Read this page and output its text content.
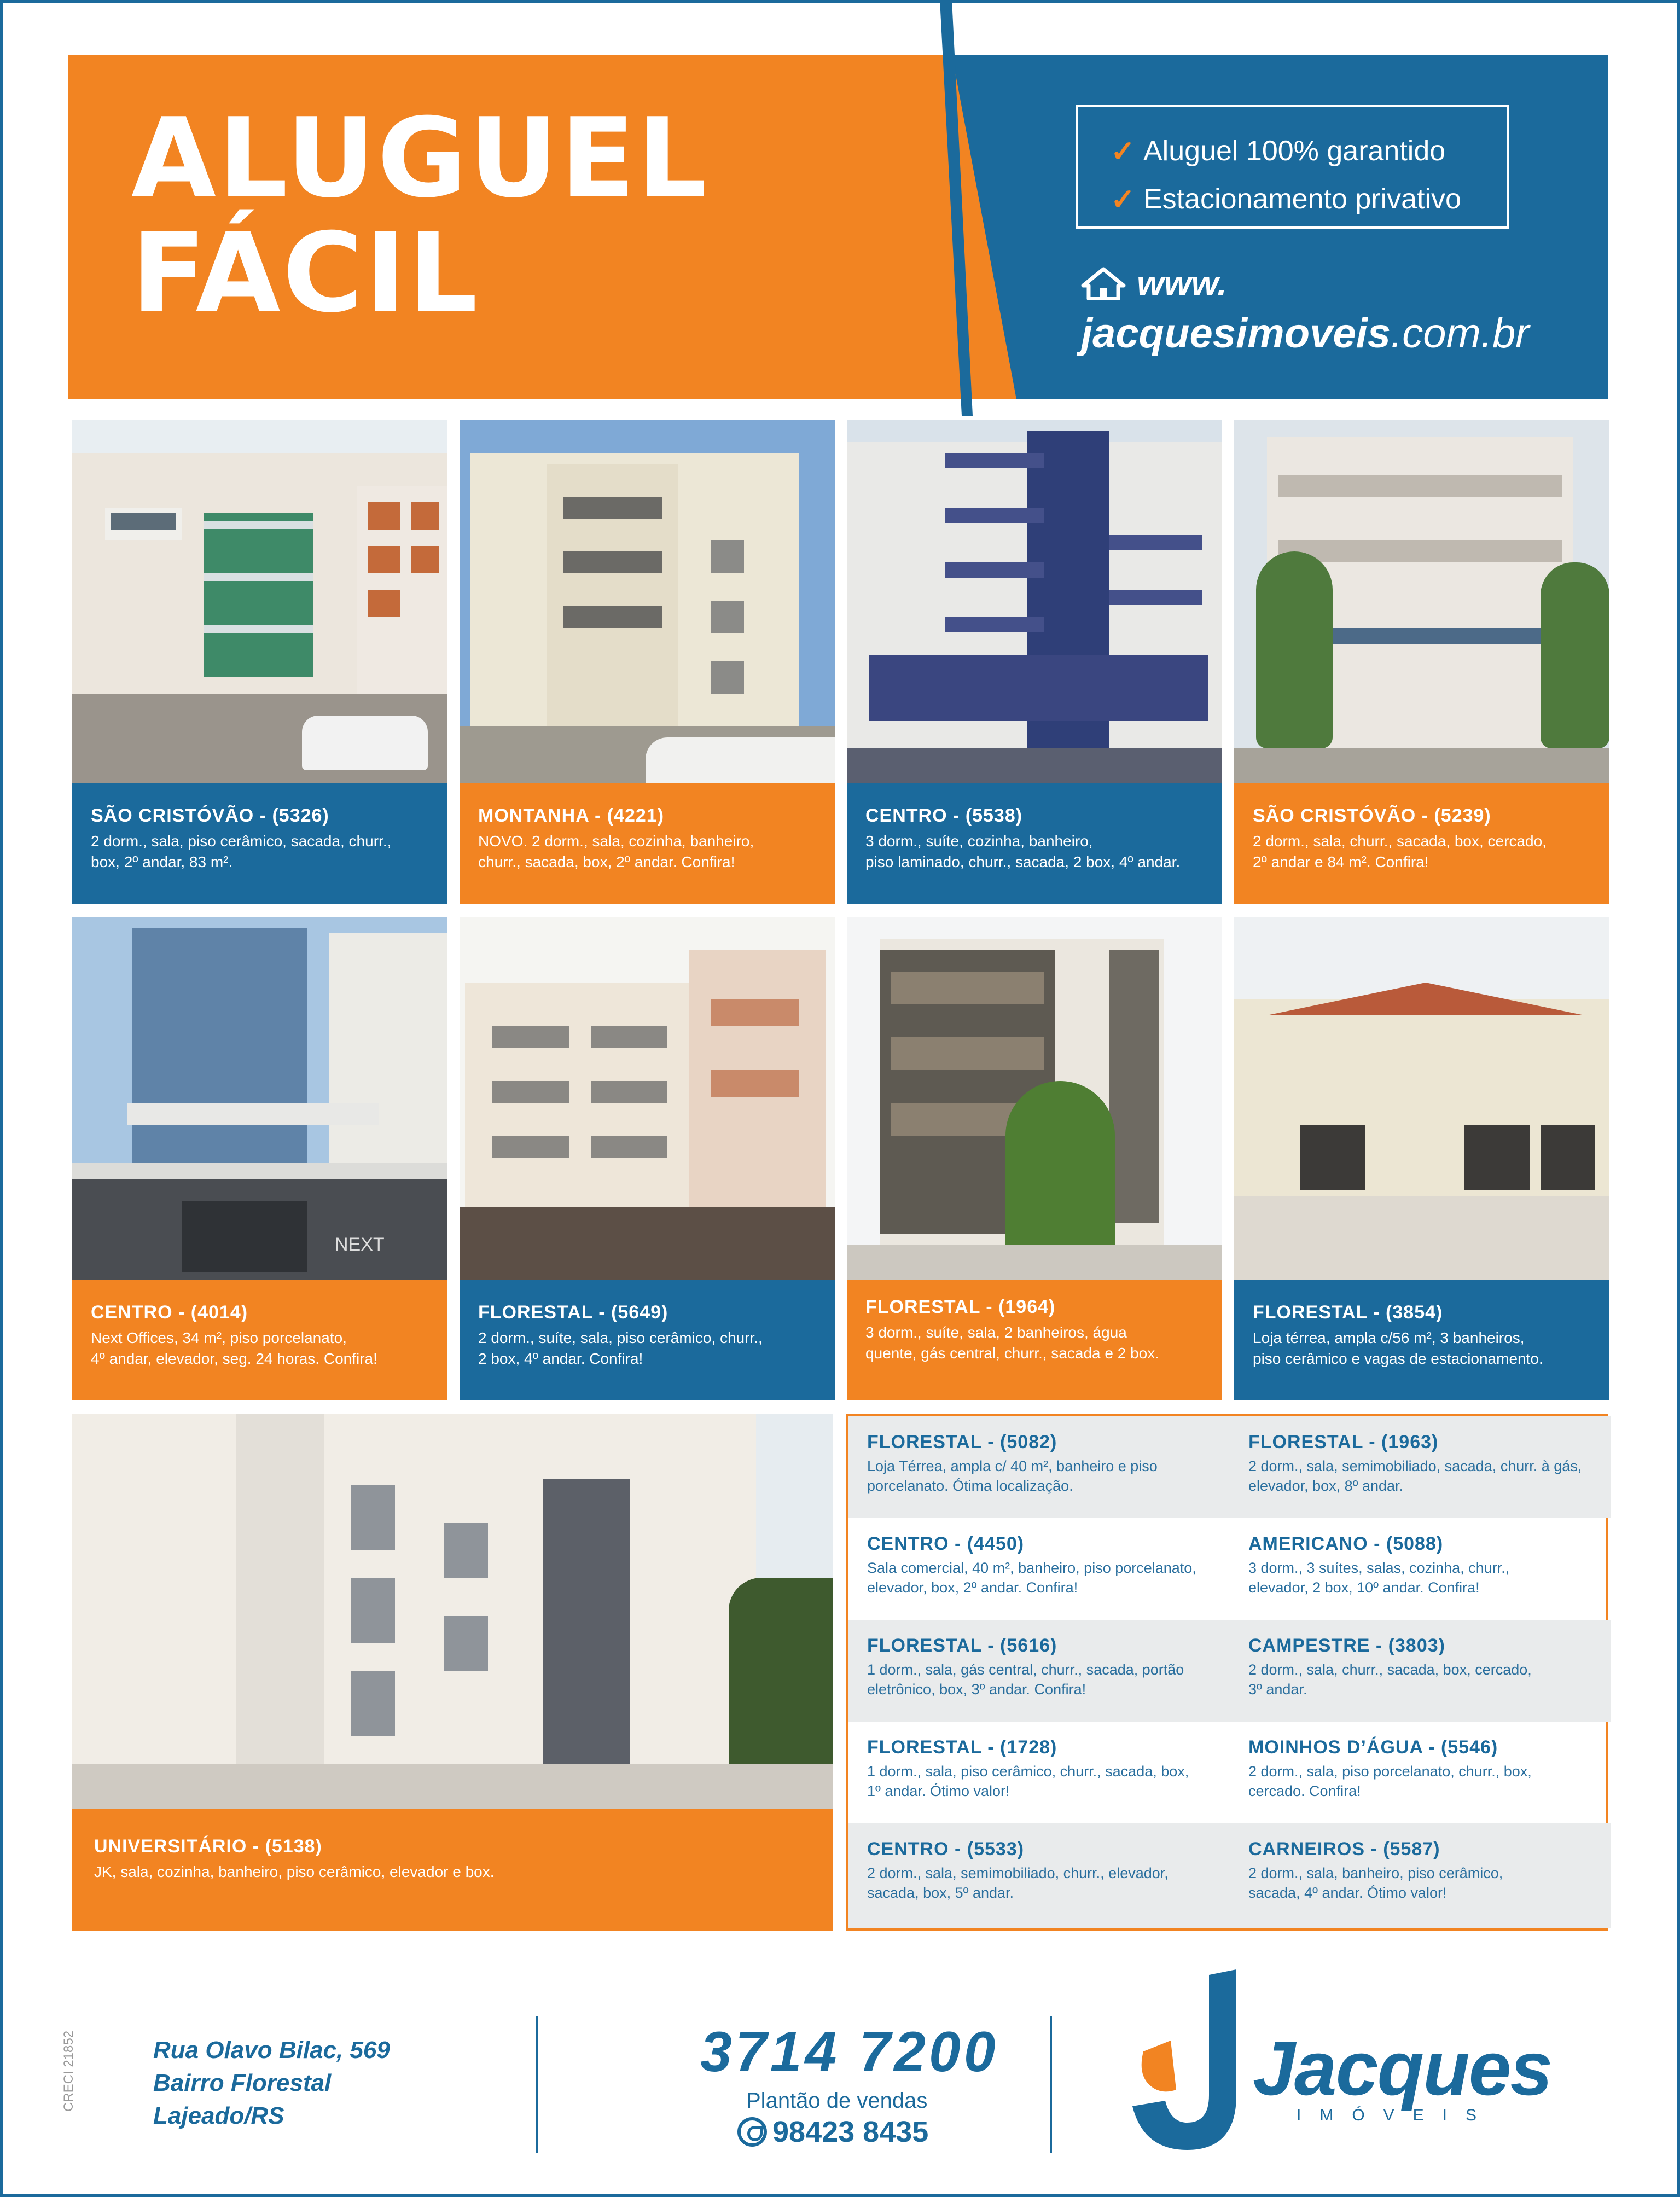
ALUGUEL
FÁCIL
✓ Aluguel 100% garantido
✓ Estacionamento privativo
www.
jacquesimoveis.com.br
SÃO CRISTÓVÃO - (5326)
2 dorm., sala, piso cerâmico, sacada, churr.,
box, 2º andar, 83 m².
MONTANHA - (4221)
NOVO. 2 dorm., sala, cozinha, banheiro,
churr., sacada, box, 2º andar. Confira!
CENTRO - (5538)
3 dorm., suíte, cozinha, banheiro,
piso laminado, churr., sacada, 2 box, 4º andar.
SÃO CRISTÓVÃO - (5239)
2 dorm., sala, churr., sacada, box, cercado,
2º andar e 84 m². Confira!
NEXT
CENTRO - (4014)
Next Offices, 34 m², piso porcelanato,
4º andar, elevador, seg. 24 horas. Confira!
FLORESTAL - (5649)
2 dorm., suíte, sala, piso cerâmico, churr.,
2 box, 4º andar. Confira!
FLORESTAL - (1964)
3 dorm., suíte, sala, 2 banheiros, água
quente, gás central, churr., sacada e 2 box.
FLORESTAL - (3854)
Loja térrea, ampla c/56 m², 3 banheiros,
piso cerâmico e vagas de estacionamento.
UNIVERSITÁRIO - (5138)
JK, sala, cozinha, banheiro, piso cerâmico, elevador e box.
FLORESTAL - (5082)
Loja Térrea, ampla c/ 40 m², banheiro e piso
porcelanato. Ótima localização.
FLORESTAL - (1963)
2 dorm., sala, semimobiliado, sacada, churr. à gás,
elevador, box, 8º andar.
CENTRO - (4450)
Sala comercial, 40 m², banheiro, piso porcelanato,
elevador, box, 2º andar. Confira!
AMERICANO - (5088)
3 dorm., 3 suítes, salas, cozinha, churr.,
elevador, 2 box, 10º andar. Confira!
FLORESTAL - (5616)
1 dorm., sala, gás central, churr., sacada, portão
eletrônico, box, 3º andar. Confira!
CAMPESTRE - (3803)
2 dorm., sala, churr., sacada, box, cercado,
3º andar.
FLORESTAL - (1728)
1 dorm., sala, piso cerâmico, churr., sacada, box,
1º andar. Ótimo valor!
MOINHOS D’ÁGUA - (5546)
2 dorm., sala, piso porcelanato, churr., box,
cercado. Confira!
CENTRO - (5533)
2 dorm., sala, semimobiliado, churr., elevador,
sacada, box, 5º andar.
CARNEIROS - (5587)
2 dorm., sala, banheiro, piso cerâmico,
sacada, 4º andar. Ótimo valor!
CRECI 21852	Rua Olavo Bilac, 569
Bairro Florestal
Lajeado/RS
3714 7200
Plantão de vendas
98423 8435
Jacques
IMÓVEIS
